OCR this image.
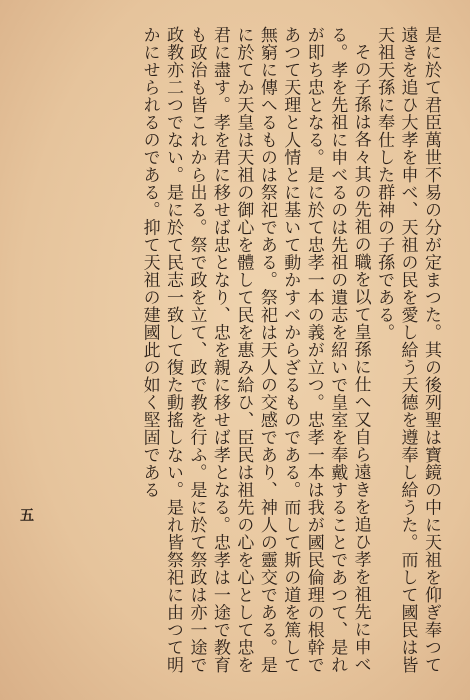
是に於て君臣萬世不易の分が定まつた。其の後列聖は寶鏡の中に天祖を仰ぎ奉つて遠きを追ひ大孝を申べ、天祖の民を愛し給う天德を遵奉し給うた。而して國民は皆天祖天孫に奉仕した群神の子孫である。

その子孫は各々其の先祖の職を以て皇孫に仕へ又自ら遠きを追ひ孝を祖先に申べる。孝を先祖に申べるのは先祖の遺志を紹いで皇室を奉戴することであつて、是れが即ち忠となる。是に於て忠孝一本の義が立つ。忠孝一本は我が國民倫理の根幹であつて天理と人情とに基いて動かすべからざるものである。而して斯の道を篤して無窮に傳へるものは祭祀である。祭祀は天人の交感であり、神人の靈交である。是に於てか天皇は天祖の御心を體して民を惠み給ひ、臣民は祖先の心を心として忠を君に盡す。孝を君に移せば忠となり、忠を親に移せば孝となる。忠孝は一途で教育も政治も皆これから出る。祭で政を立て、政で教を行ふ。是に於て祭政は亦一途で政教亦二つでない。是に於て民志一致して復た動搖しない。是れ皆祭祀に由つて明かにせられるのである。抑て天祖の建國此の如く堅固である

五
